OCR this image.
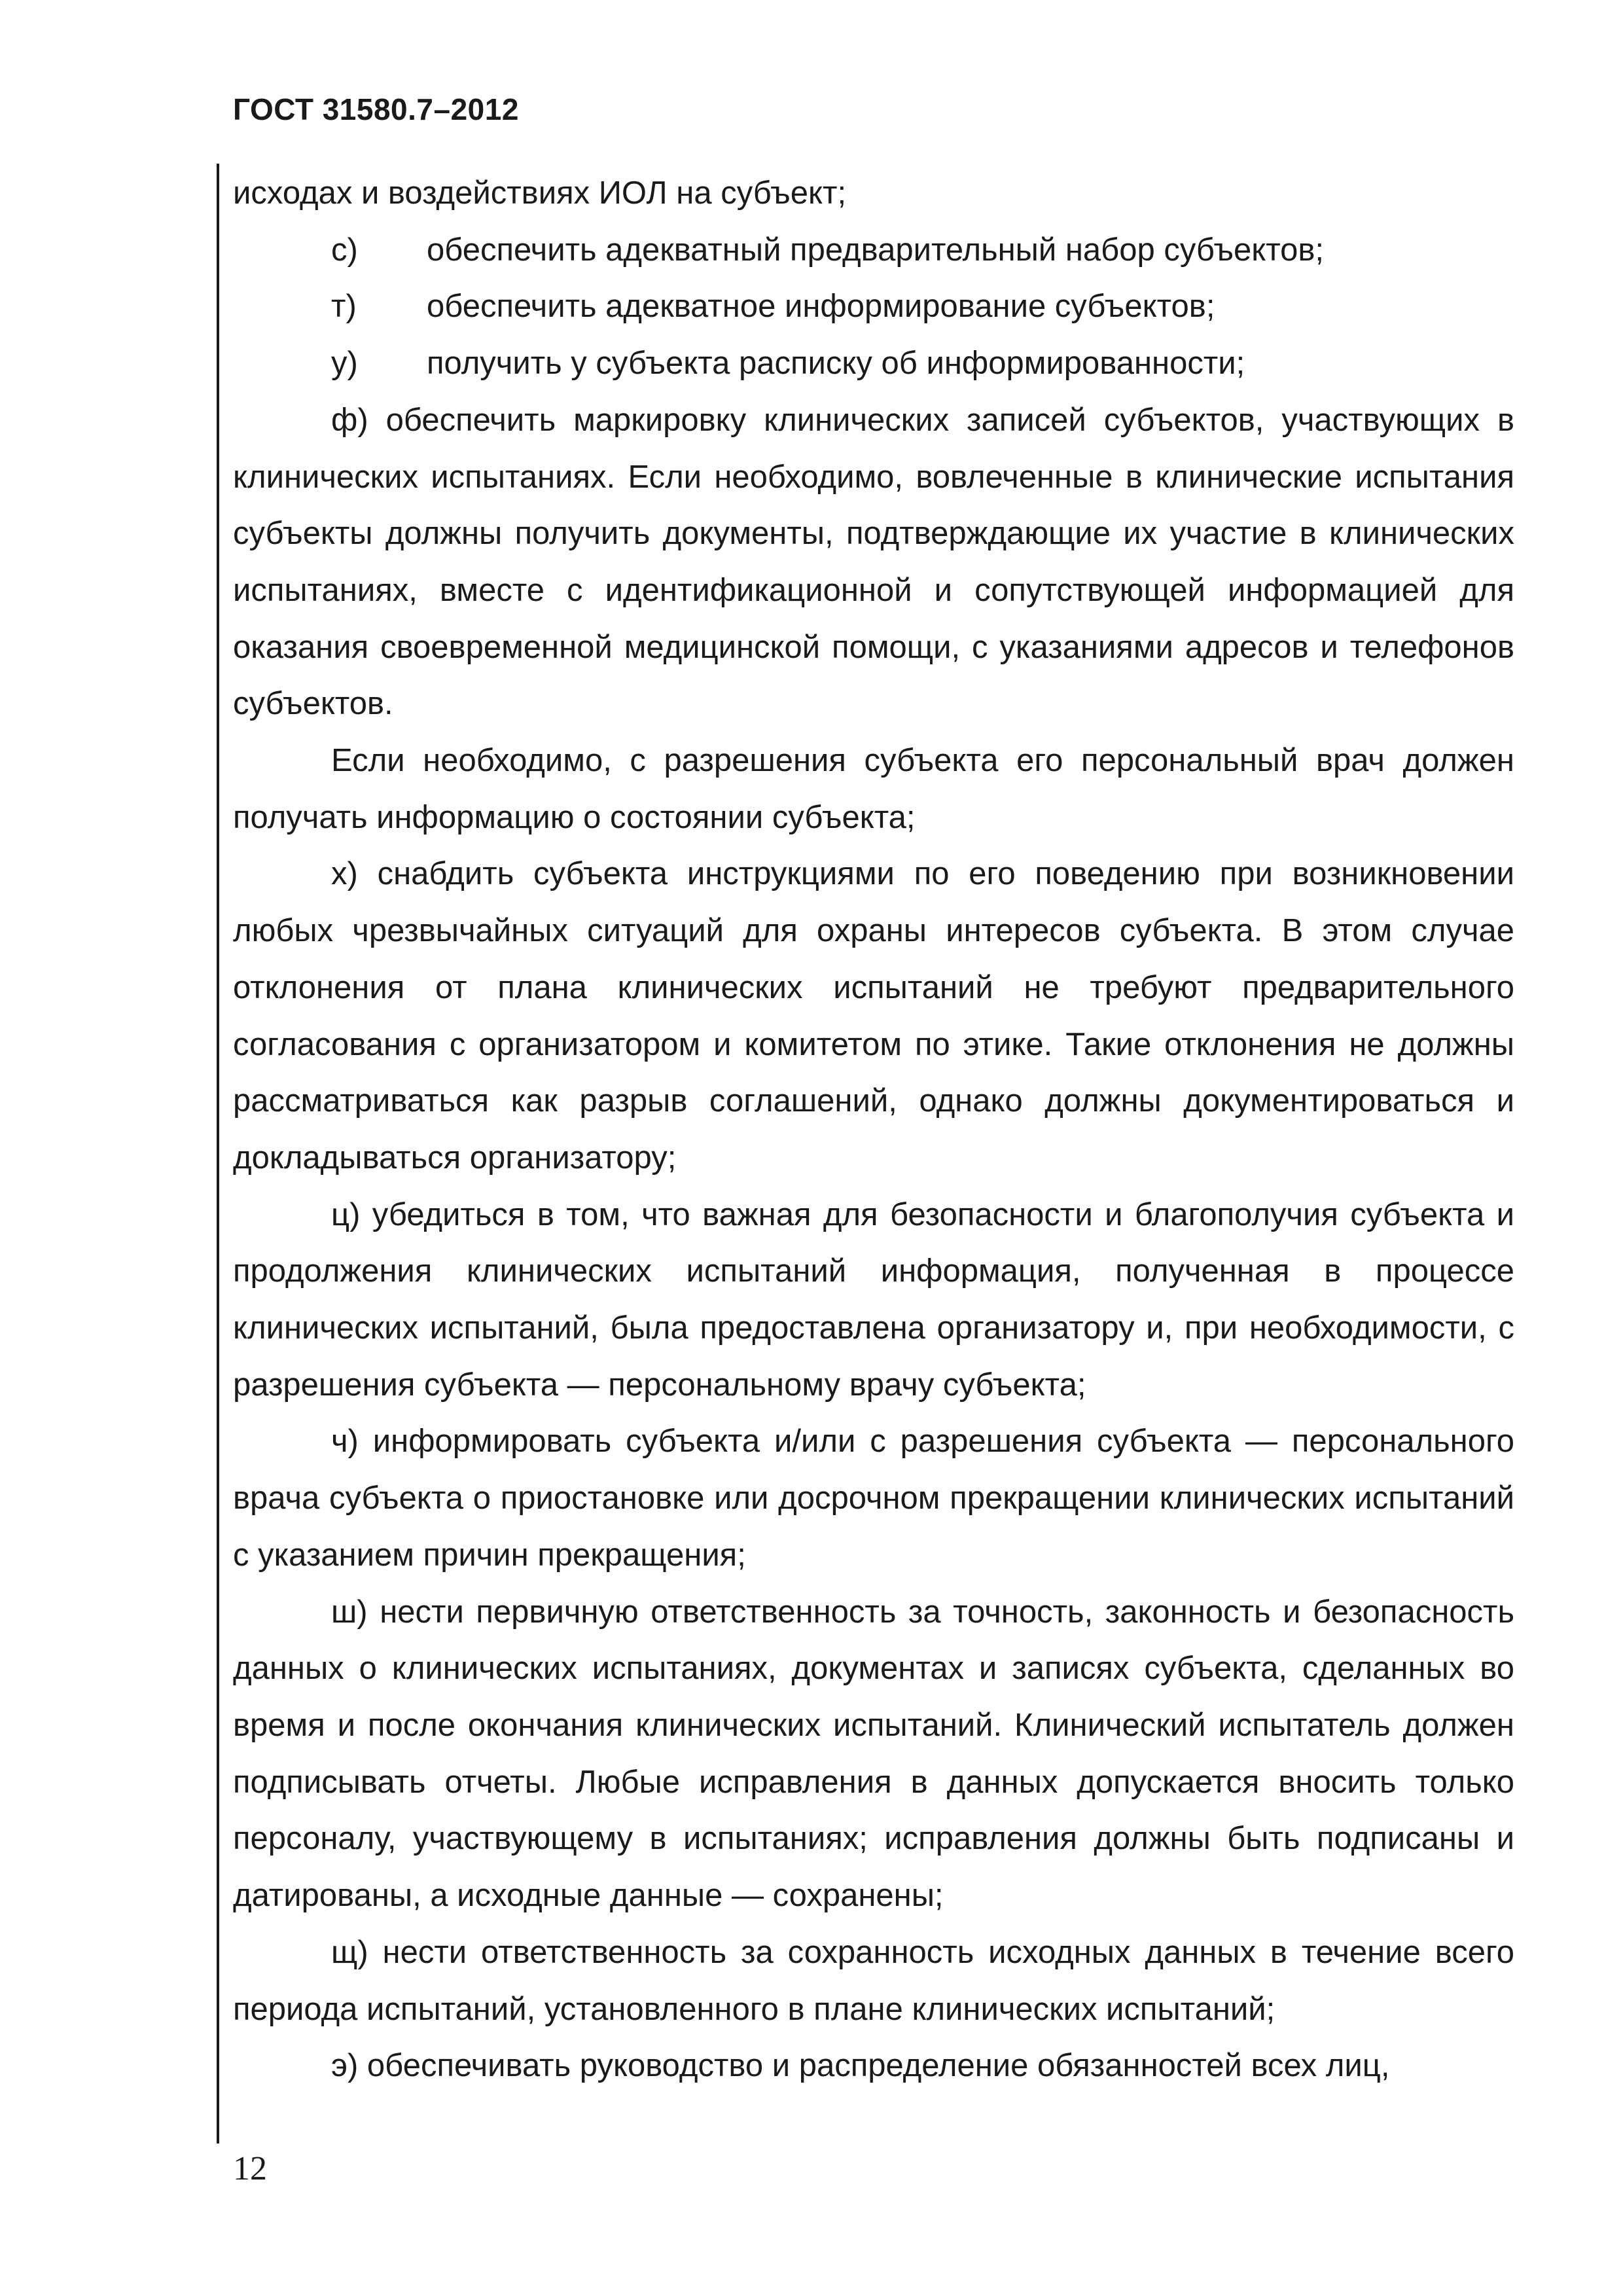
ГОСТ 31580.7–2012

исходах и воздействиях ИОЛ на субъект;

с)	обеспечить адекватный предварительный набор субъектов;
т)	обеспечить адекватное информирование субъектов;
у)	получить у субъекта расписку об информированности;

ф) обеспечить маркировку клинических записей субъектов, участвующих в клинических испытаниях. Если необходимо, вовлеченные в клинические испытания субъекты должны получить документы, подтверждающие их участие в клинических испытаниях, вместе с идентификационной и сопутствующей информацией для оказания своевременной медицинской помощи, с указаниями адресов и телефонов субъектов.

Если необходимо, с разрешения субъекта его персональный врач должен получать информацию о состоянии субъекта;

х) снабдить субъекта инструкциями по его поведению при возникновении любых чрезвычайных ситуаций для охраны интересов субъекта. В этом случае отклонения от плана клинических испытаний не требуют предварительного согласования с организатором и комитетом по этике. Такие отклонения не должны рассматриваться как разрыв соглашений, однако должны документироваться и докладываться организатору;

ц) убедиться в том, что важная для безопасности и благополучия субъекта и продолжения клинических испытаний информация, полученная в процессе клинических испытаний, была предоставлена организатору и, при необходимости, с разрешения субъекта — персональному врачу субъекта;

ч) информировать субъекта и/или с разрешения субъекта — персонального врача субъекта о приостановке или досрочном прекращении клинических испытаний с указанием причин прекращения;

ш) нести первичную ответственность за точность, законность и безопасность данных о клинических испытаниях, документах и записях субъекта, сделанных во время и после окончания клинических испытаний. Клинический испытатель должен подписывать отчеты. Любые исправления в данных допускается вносить только персоналу, участвующему в испытаниях; исправления должны быть подписаны и датированы, а исходные данные — сохранены;

щ) нести ответственность за сохранность исходных данных в течение всего периода испытаний, установленного в плане клинических испытаний;

э) обеспечивать руководство и распределение обязанностей всех лиц,

12
